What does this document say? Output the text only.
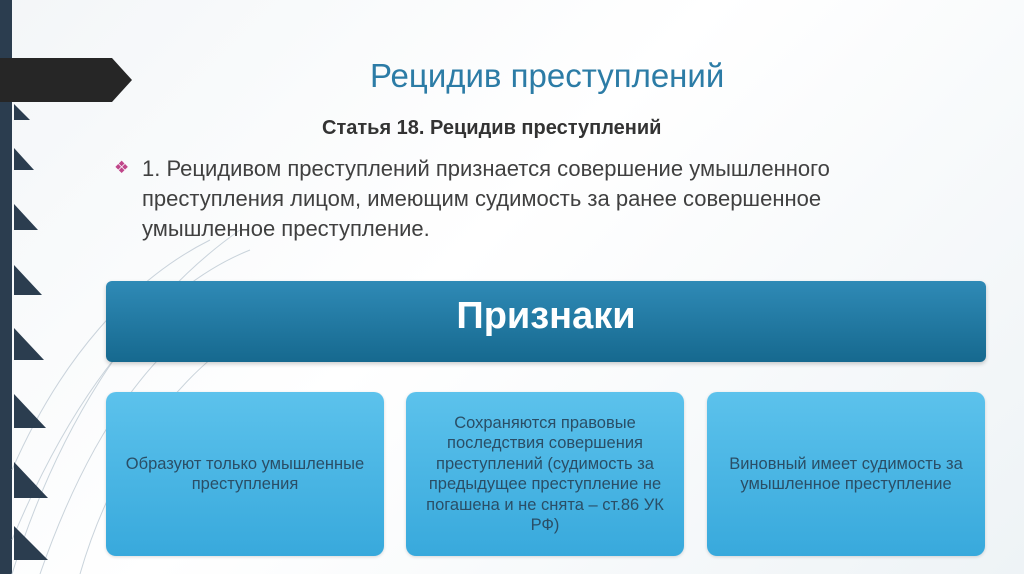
Рецидив преступлений
Статья 18. Рецидив преступлений
❖ 1. Рецидивом преступлений признается совершение умышленного преступления лицом, имеющим судимость за ранее совершенное умышленное преступление.
Признаки
Образуют только умышленные преступления
Сохраняются правовые последствия совершения преступлений (судимость за предыдущее преступление не погашена и не снята – ст.86 УК РФ)
Виновный имеет судимость за умышленное преступление
